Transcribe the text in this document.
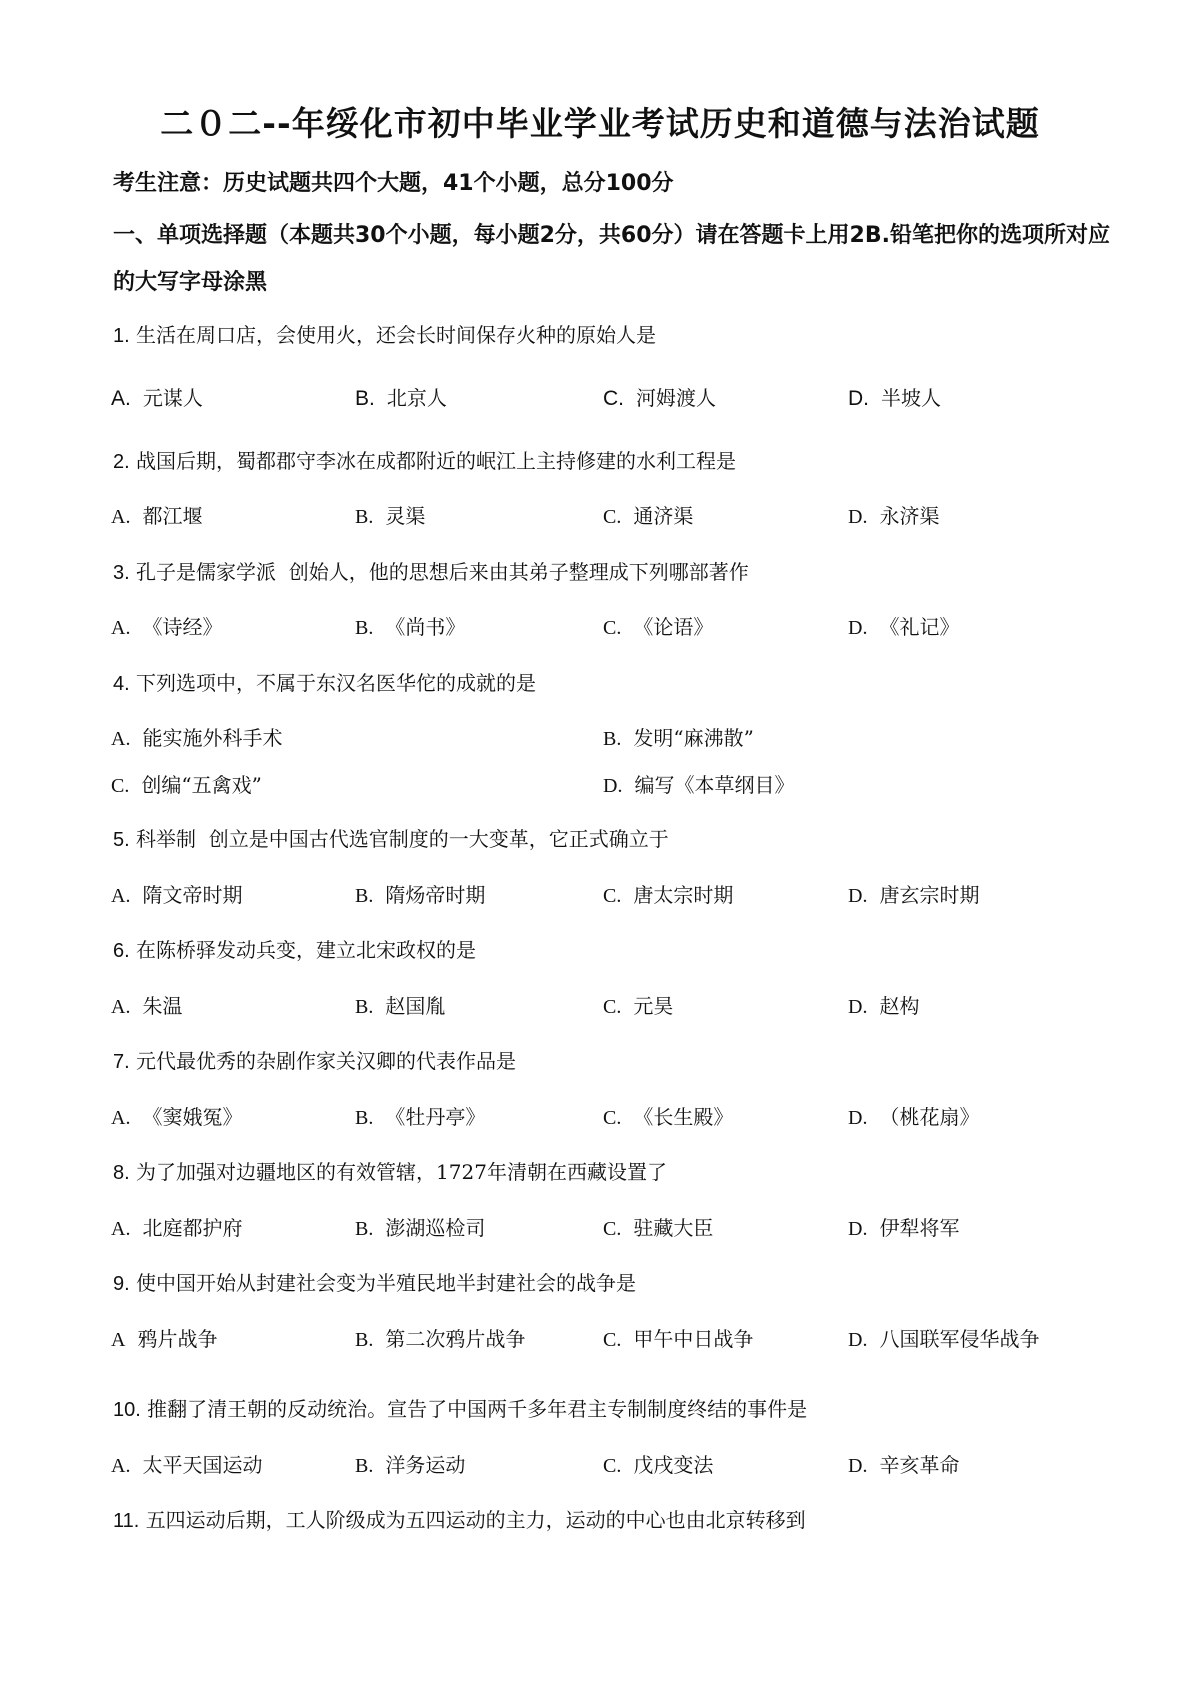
二０二--年绥化市初中毕业学业考试历史和道德与法治试题
考生注意：历史试题共四个大题，41个小题，总分100分
一、单项选择题（本题共30个小题，每小题2分，共60分）请在答题卡上用2B.铅笔把你的选项所对应的大写字母涂黑
1. 生活在周口店，会使用火，还会长时间保存火种的原始人是
A. 元谋人	B. 北京人	C. 河姆渡人	D. 半坡人
2. 战国后期，蜀都郡守李冰在成都附近的岷江上主持修建的水利工程是
A. 都江堰	B. 灵渠	C. 通济渠	D. 永济渠
3. 孔子是儒家学派  创始人，他的思想后来由其弟子整理成下列哪部著作
A. 《诗经》	B. 《尚书》	C. 《论语》	D. 《礼记》
4. 下列选项中，不属于东汉名医华佗的成就的是
A. 能实施外科手术	B. 发明“麻沸散”
C. 创编“五禽戏”	D. 编写《本草纲目》
5. 科举制  创立是中国古代选官制度的一大变革，它正式确立于
A. 隋文帝时期	B. 隋炀帝时期	C. 唐太宗时期	D. 唐玄宗时期
6. 在陈桥驿发动兵变，建立北宋政权的是
A. 朱温	B. 赵国胤	C. 元昊	D. 赵构
7. 元代最优秀的杂剧作家关汉卿的代表作品是
A. 《窦娥冤》	B. 《牡丹亭》	C. 《长生殿》	D. （桃花扇》
8. 为了加强对边疆地区的有效管辖，1727年清朝在西藏设置了
A. 北庭都护府	B. 澎湖巡检司	C. 驻藏大臣	D. 伊犁将军
9. 使中国开始从封建社会变为半殖民地半封建社会的战争是
A 鸦片战争	B. 第二次鸦片战争	C. 甲午中日战争	D. 八国联军侵华战争
10. 推翻了清王朝的反动统治。宣告了中国两千多年君主专制制度终结的事件是
A. 太平天国运动	B. 洋务运动	C. 戊戌变法	D. 辛亥革命
11. 五四运动后期，工人阶级成为五四运动的主力，运动的中心也由北京转移到
